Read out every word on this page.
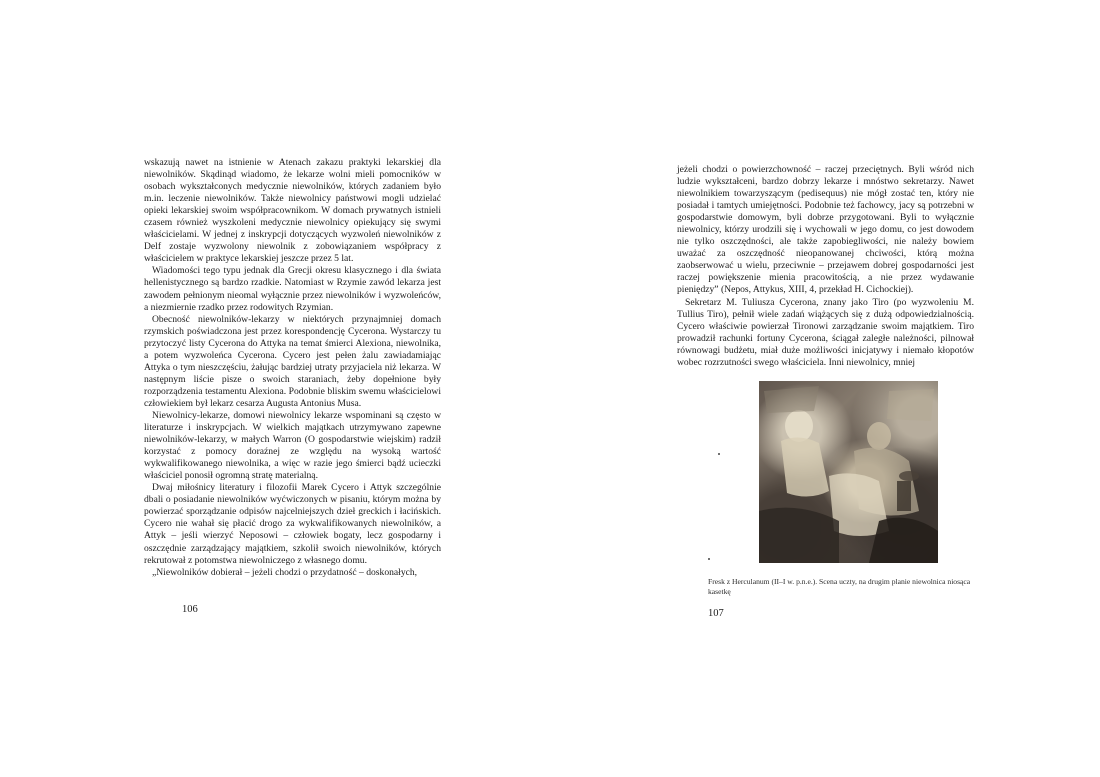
wskazują nawet na istnienie w Atenach zakazu praktyki lekarskiej dla niewolników. Skądinąd wiadomo, że lekarze wolni mieli pomocników w osobach wykształconych medycznie niewolników, których zadaniem było m.in. leczenie niewolników. Także niewolnicy państwowi mogli udzielać opieki lekarskiej swoim współpracownikom. W domach prywatnych istnieli czasem również wyszkoleni medycznie niewolnicy opiekujący się swymi właścicielami. W jednej z inskrypcji dotyczących wyzwoleń niewolników z Delf zostaje wyzwolony niewolnik z zobowiązaniem współpracy z właścicielem w praktyce lekarskiej jeszcze przez 5 lat.

Wiadomości tego typu jednak dla Grecji okresu klasycznego i dla świata hellenistycznego są bardzo rzadkie. Natomiast w Rzymie zawód lekarza jest zawodem pełnionym nieomal wyłącznie przez niewolników i wyzwoleńców, a niezmiernie rzadko przez rodowitych Rzymian.

Obecność niewolników-lekarzy w niektórych przynajmniej domach rzymskich poświadczona jest przez korespondencję Cycerona. Wystarczy tu przytoczyć listy Cycerona do Attyka na temat śmierci Alexiona, niewolnika, a potem wyzwoleńca Cycerona. Cycero jest pełen żalu zawiadamiając Attyka o tym nieszczęściu, żałując bardziej utraty przyjaciela niż lekarza. W następnym liście pisze o swoich staraniach, żeby dopełnione były rozporządzenia testamentu Alexiona. Podobnie bliskim swemu właścicielowi człowiekiem był lekarz cesarza Augusta Antonius Musa.

Niewolnicy-lekarze, domowi niewolnicy lekarze wspominani są często w literaturze i inskrypcjach. W wielkich majątkach utrzymywano zapewne niewolników-lekarzy, w małych Warron (O gospodarstwie wiejskim) radził korzystać z pomocy doraźnej ze względu na wysoką wartość wykwalifikowanego niewolnika, a więc w razie jego śmierci bądź ucieczki właściciel ponosił ogromną stratę materialną.

Dwaj miłośnicy literatury i filozofii Marek Cycero i Attyk szczególnie dbali o posiadanie niewolników wyćwiczonych w pisaniu, którym można by powierzać sporządzanie odpisów najcelniejszych dzieł greckich i łacińskich. Cycero nie wahał się płacić drogo za wykwalifikowanych niewolników, a Attyk – jeśli wierzyć Neposowi – człowiek bogaty, lecz gospodarny i oszczędnie zarządzający majątkiem, szkolił swoich niewolników, których rekrutował z potomstwa niewolniczego z własnego domu.

„Niewolników dobierał – jeżeli chodzi o przydatność – doskonałych,

106

jeżeli chodzi o powierzchowność – raczej przeciętnych. Byli wśród nich ludzie wykształceni, bardzo dobrzy lekarze i mnóstwo sekretarzy. Nawet niewolnikiem towarzyszącym (pedisequus) nie mógł zostać ten, który nie posiadał i tamtych umiejętności. Podobnie też fachowcy, jacy są potrzebni w gospodarstwie domowym, byli dobrze przygotowani. Byli to wyłącznie niewolnicy, którzy urodzili się i wychowali w jego domu, co jest dowodem nie tylko oszczędności, ale także zapobiegliwości, nie należy bowiem uważać za oszczędność nieopanowanej chciwości, którą można zaobserwować u wielu, przeciwnie – przejawem dobrej gospodarności jest raczej powiększenie mienia pracowitością, a nie przez wydawanie pieniędzy” (Nepos, Attykus, XIII, 4, przekład H. Cichockiej).

Sekretarz M. Tuliusza Cycerona, znany jako Tiro (po wyzwoleniu M. Tullius Tiro), pełnił wiele zadań wiążących się z dużą odpowiedzialnością. Cycero właściwie powierzał Tironowi zarządzanie swoim majątkiem. Tiro prowadził rachunki fortuny Cycerona, ściągał zaległe należności, pilnował równowagi budżetu, miał duże możliwości inicjatywy i niemało kłopotów wobec rozrzutności swego właściciela. Inni niewolnicy, mniej

Fresk z Herculanum (II–I w. p.n.e.). Scena uczty, na drugim planie niewolnica niosąca kasetkę
107
